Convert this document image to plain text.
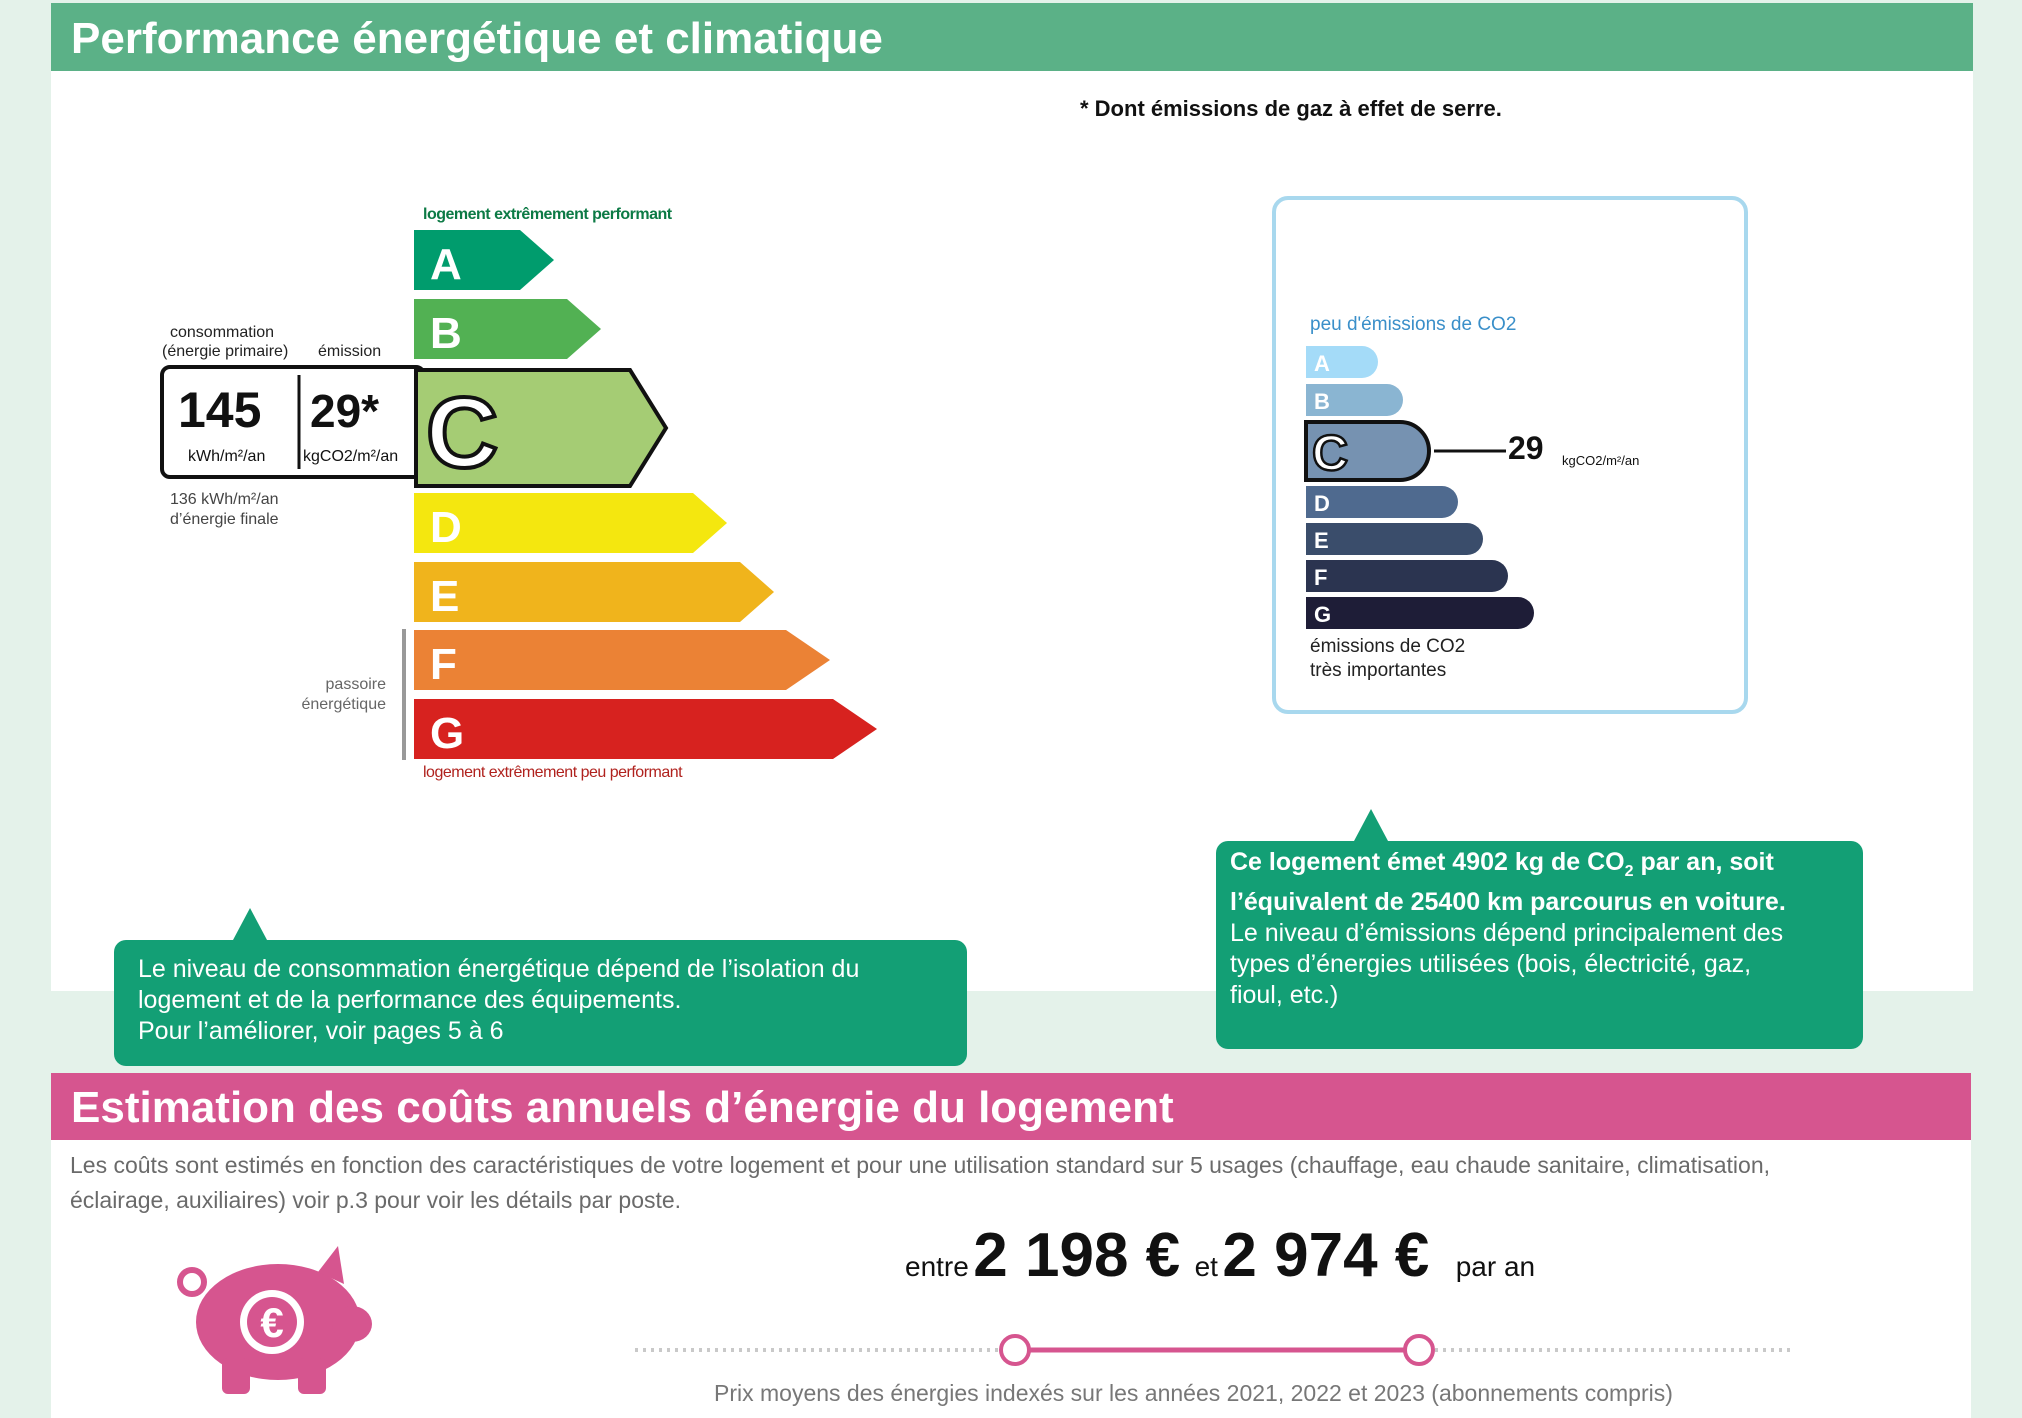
Performance énergétique et climatique
* Dont émissions de gaz à effet de serre.
logement extrêmement performant
A
B
consommation
(énergie primaire) émission
145
kWh/m²/an
29*
kgCO2/m²/an C
136 kWh/m²/an
d’énergie finale	D
E
passoire
énergétique
F
G
logement extrêmement peu performant
peu d'émissions de CO2
A
B
C	29 kgCO2/m²/an
D
E
F
G
émissions de CO2
très importantes
Le niveau de consommation énergétique dépend de l’isolation du
logement et de la performance des équipements.
Pour l’améliorer, voir pages 5 à 6
Ce logement émet 4902 kg de $CO_2$ par an, soit
l’équivalent de 25400 km parcourus en voiture.
Le niveau d’émissions dépend principalement des
types d’énergies utilisées (bois, électricité, gaz,
fioul, etc.)
Estimation des coûts annuels d’énergie du logement
Les coûts sont estimés en fonction des caractéristiques de votre logement et pour une utilisation standard sur 5 usages (chauffage, eau chaude sanitaire, climatisation,
éclairage, auxiliaires) voir p.3 pour voir les détails par poste.
€
entre 2 198 € et 2 974 € par an
Prix moyens des énergies indexés sur les années 2021, 2022 et 2023 (abonnements compris)
